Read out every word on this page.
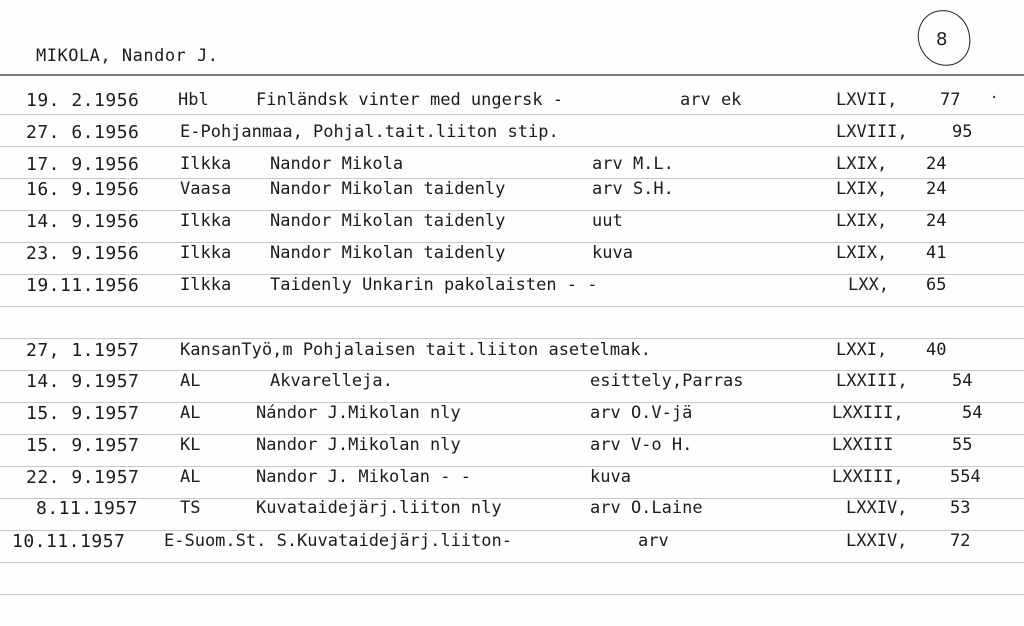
MIKOLA, Nandor J.
8
·
19. 2.1956 Hbl	Finländsk vinter med ungersk -	arv ek	LXVII,	77
27. 6.1956 E-Pohjanmaa, Pohjal.tait.liiton stip.	LXVIII,	95
17. 9.1956 Ilkka Nandor Mikola	arv M.L.	LXIX, 24
16. 9.1956 Vaasa Nandor Mikolan taidenly	arv S.H.	LXIX, 24
14. 9.1956 Ilkka Nandor Mikolan taidenly	uut	LXIX, 24
23. 9.1956 Ilkka Nandor Mikolan taidenly	kuva	LXIX, 41
19.11.1956 Ilkka Taidenly Unkarin pakolaisten - -	LXX, 65
27, 1.1957 KansanTyö,m Pohjalaisen tait.liiton asetelmak.	LXXI, 40
14. 9.1957 AL	Akvarelleja.	esittely,Parras	LXXIII,	54
15. 9.1957 AL	Nándor J.Mikolan nly	arv O.V-jä	LXXIII,	54
15. 9.1957 KL	Nandor J.Mikolan nly	arv V-o H.	LXXIII	55
22. 9.1957 AL	Nandor J. Mikolan - -	kuva	LXXIII,	554
8.11.1957 TS	Kuvataidejärj.liiton nly	arv O.Laine	LXXIV,	53
10.11.1957 E-Suom.St. S.Kuvataidejärj.liiton-	arv	LXXIV,	72
